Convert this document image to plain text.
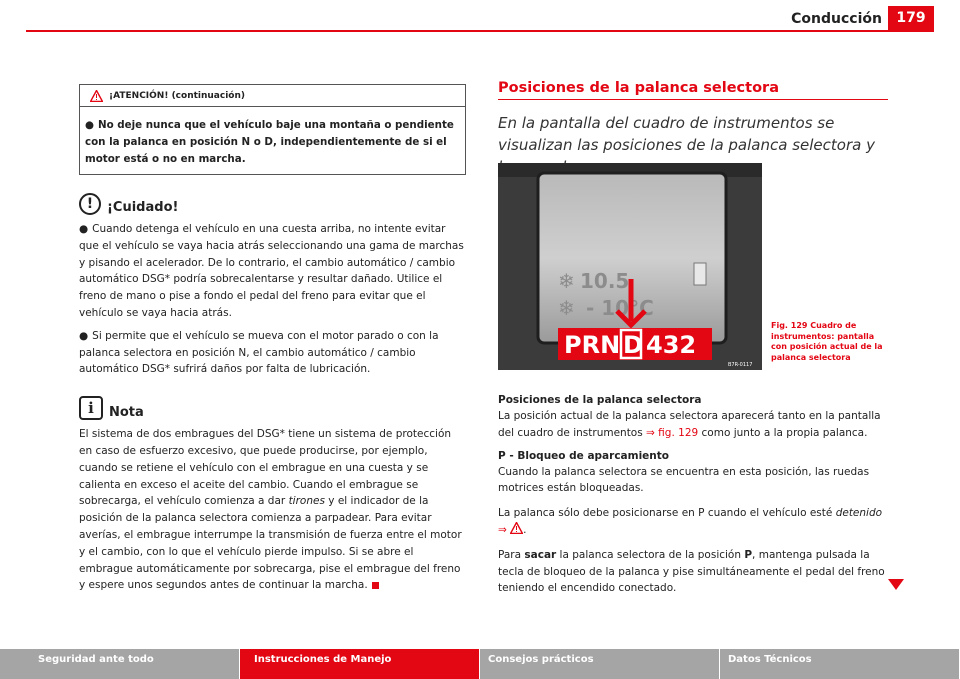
Conducción	179
¡ATENCIÓN! (continuación)
● No deje nunca que el vehículo baje una montaña o pendiente con la palanca en posición N o D, independientemente de si el motor está o no en marcha.
!	¡Cuidado!

● Cuando detenga el vehículo en una cuesta arriba, no intente evitar que el vehículo se vaya hacia atrás seleccionando una gama de marchas y pisando el acelerador. De lo contrario, el cambio automático / cambio automático DSG* podría sobrecalentarse y resultar dañado. Utilice el freno de mano o pise a fondo el pedal del freno para evitar que el vehículo se vaya hacia atrás.

● Si permite que el vehículo se mueva con el motor parado o con la palanca selectora en posición N, el cambio automático / cambio automático DSG* sufrirá daños por falta de lubricación.

i	Nota

El sistema de dos embragues del DSG* tiene un sistema de protección en caso de esfuerzo excesivo, que puede producirse, por ejemplo, cuando se retiene el vehículo con el embrague en una cuesta y se calienta en exceso el aceite del cambio. Cuando el embrague se sobrecarga, el vehículo comienza a dar tirones y el indicador de la posición de la palanca selectora comienza a parpadear. Para evitar averías, el embrague interrumpe la transmisión de fuerza entre el motor y el cambio, con lo que el vehículo pierde impulso. Si se abre el embrague automáticamente por sobrecarga, pise el embrague del freno y espere unos segundos antes de continuar la marcha.

Posiciones de la palanca selectora

En la pantalla del cuadro de instrumentos se visualizan las posiciones de la palanca selectora y

❄ 10.5
❄ - 10°C
PRN D 432
B7R-0117
Fig. 129 Cuadro de instrumentos: pantalla con posición actual de la palanca selectora
Posiciones de la palanca selectora

La posición actual de la palanca selectora aparecerá tanto en la pantalla del cuadro de instrumentos ⇒ fig. 129 como junto a la propia palanca.

P - Bloqueo de aparcamiento

Cuando la palanca selectora se encuentra en esta posición, las ruedas motrices están bloqueadas.

La palanca sólo debe posicionarse en P cuando el vehículo esté detenido
⇒ .

Para sacar la palanca selectora de la posición P, mantenga pulsada la tecla de bloqueo de la palanca y pise simultáneamente el pedal del freno teniendo el encendido conectado.

Seguridad ante todo	Instrucciones de Manejo	Consejos prácticos	Datos Técnicos
